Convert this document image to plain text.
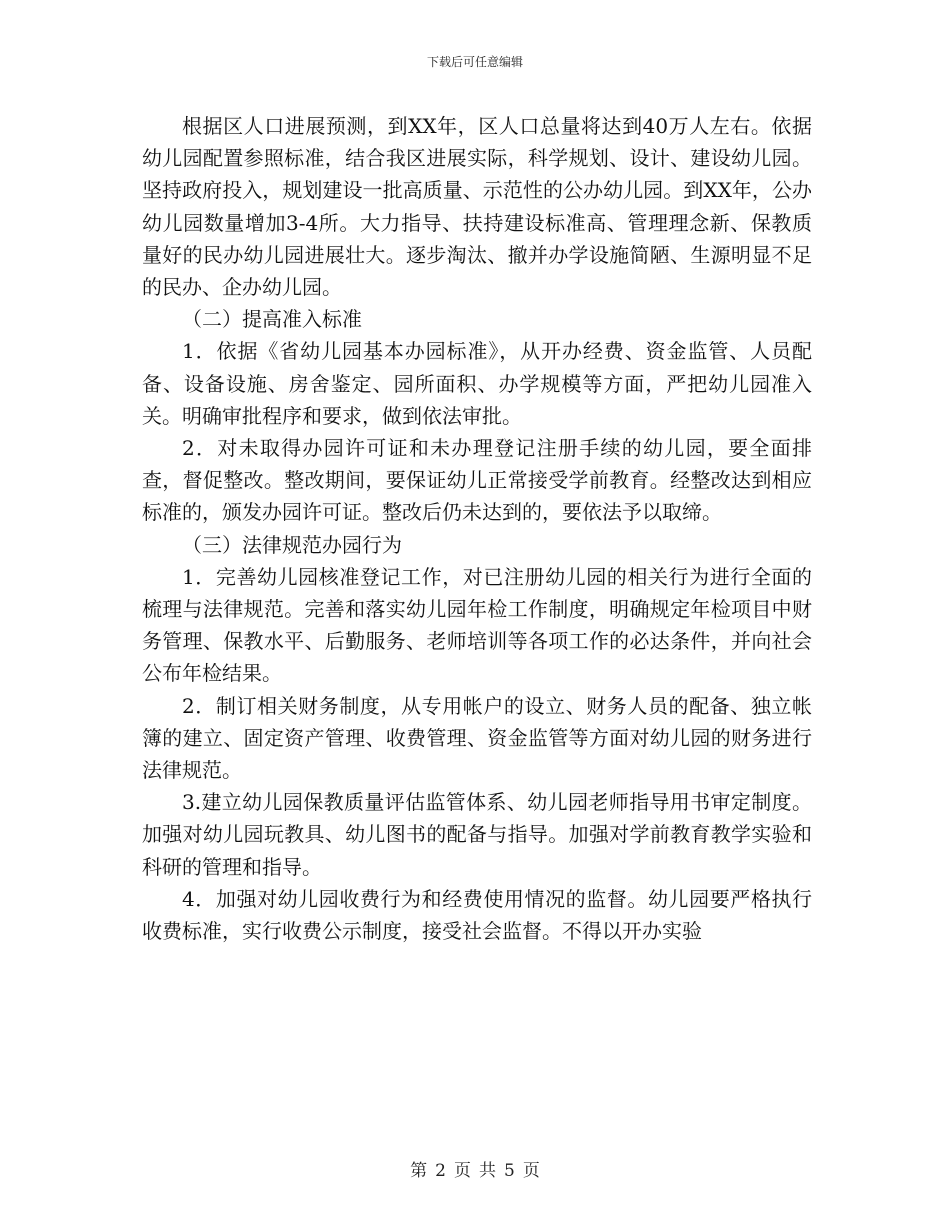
下载后可任意编辑

根据区人口进展预测，到XX年，区人口总量将达到40万人左右。依据幼儿园配置参照标准，结合我区进展实际，科学规划、设计、建设幼儿园。坚持政府投入，规划建设一批高质量、示范性的公办幼儿园。到XX年，公办幼儿园数量增加3-4所。大力指导、扶持建设标准高、管理理念新、保教质量好的民办幼儿园进展壮大。逐步淘汰、撤并办学设施简陋、生源明显不足的民办、企办幼儿园。

（二）提高准入标准

1．依据《省幼儿园基本办园标准》，从开办经费、资金监管、人员配备、设备设施、房舍鉴定、园所面积、办学规模等方面，严把幼儿园准入关。明确审批程序和要求，做到依法审批。

2．对未取得办园许可证和未办理登记注册手续的幼儿园，要全面排查，督促整改。整改期间，要保证幼儿正常接受学前教育。经整改达到相应标准的，颁发办园许可证。整改后仍未达到的，要依法予以取缔。

（三）法律规范办园行为

1．完善幼儿园核准登记工作，对已注册幼儿园的相关行为进行全面的梳理与法律规范。完善和落实幼儿园年检工作制度，明确规定年检项目中财务管理、保教水平、后勤服务、老师培训等各项工作的必达条件，并向社会公布年检结果。

2．制订相关财务制度，从专用帐户的设立、财务人员的配备、独立帐簿的建立、固定资产管理、收费管理、资金监管等方面对幼儿园的财务进行法律规范。

3.建立幼儿园保教质量评估监管体系、幼儿园老师指导用书审定制度。加强对幼儿园玩教具、幼儿图书的配备与指导。加强对学前教育教学实验和科研的管理和指导。

4．加强对幼儿园收费行为和经费使用情况的监督。幼儿园要严格执行收费标准，实行收费公示制度，接受社会监督。不得以开办实验

第 2 页 共 5 页
